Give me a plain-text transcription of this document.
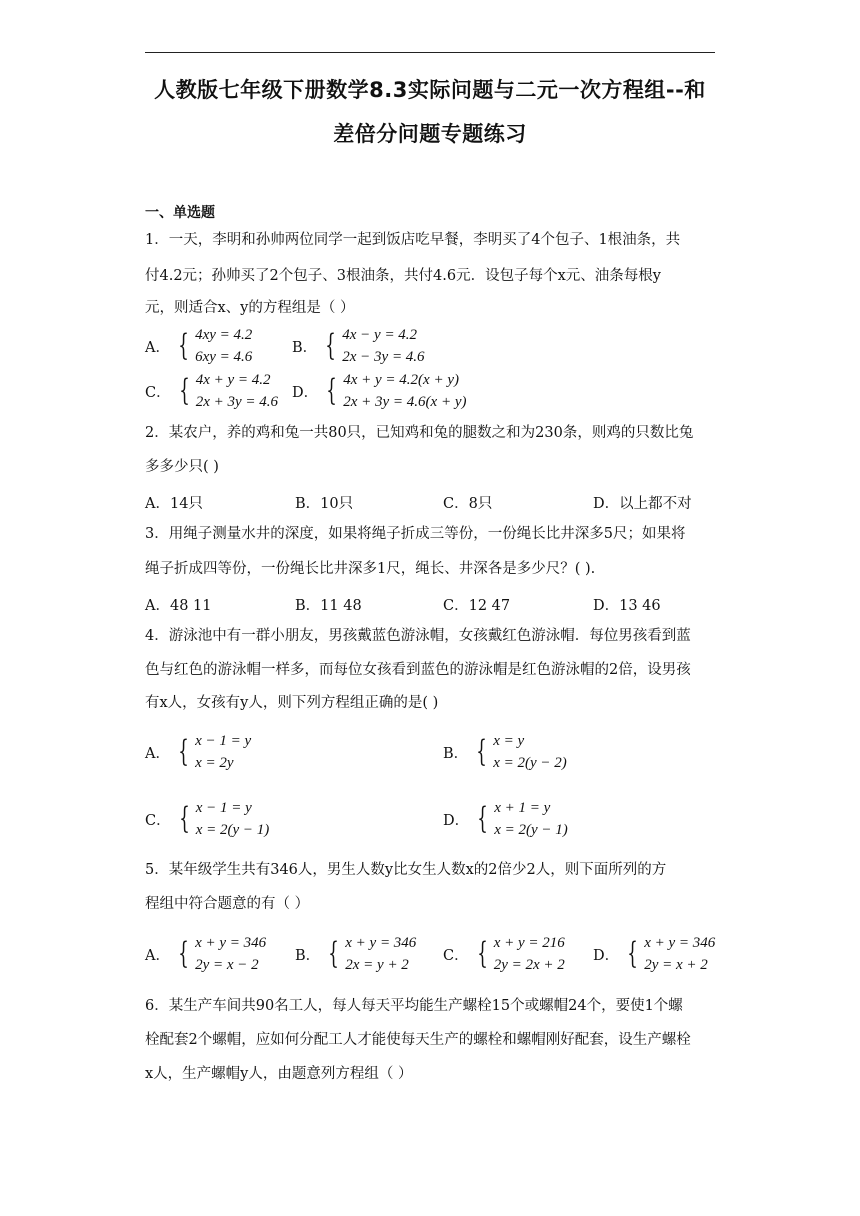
人教版七年级下册数学8.3实际问题与二元一次方程组--和
差倍分问题专题练习
一、单选题
1．一天，李明和孙帅两位同学一起到饭店吃早餐，李明买了4个包子、1根油条，共
付4.2元；孙帅买了2个包子、3根油条，共付4.6元．设包子每个x元、油条每根y
元，则适合x、y的方程组是（ ）
A． { 4xy = 4.2
6xy = 4.6
B． { 4x − y = 4.2
2x − 3y = 4.6
C． { 4x + y = 4.2
2x + 3y = 4.6
D． { 4x + y = 4.2(x + y)
2x + 3y = 4.6(x + y)
2．某农户，养的鸡和兔一共80只，已知鸡和兔的腿数之和为230条，则鸡的只数比兔
多多少只( )
A．14只	B．10只	C．8只	D．以上都不对
3．用绳子测量水井的深度，如果将绳子折成三等份，一份绳长比井深多5尺；如果将
绳子折成四等份，一份绳长比井深多1尺，绳长、井深各是多少尺？( ).
A．48 11	B．11 48	C．12 47	D．13 46
4．游泳池中有一群小朋友，男孩戴蓝色游泳帽，女孩戴红色游泳帽．每位男孩看到蓝
色与红色的游泳帽一样多，而每位女孩看到蓝色的游泳帽是红色游泳帽的2倍，设男孩
有x人，女孩有y人，则下列方程组正确的是( )
A． { x − 1 = y
x = 2y
B． { x = y
x = 2(y − 2)
C． { x − 1 = y
x = 2(y − 1)
D． { x + 1 = y
x = 2(y − 1)
5．某年级学生共有346人，男生人数y比女生人数x的2倍少2人，则下面所列的方
程组中符合题意的有（ ）
A． { x + y = 346
2y = x − 2
B． { x + y = 346
2x = y + 2
C． { x + y = 216
2y = 2x + 2
D． { x + y = 346
2y = x + 2
6．某生产车间共90名工人，每人每天平均能生产螺栓15个或螺帽24个，要使1个螺
栓配套2个螺帽，应如何分配工人才能使每天生产的螺栓和螺帽刚好配套，设生产螺栓
x人，生产螺帽y人，由题意列方程组（ ）
